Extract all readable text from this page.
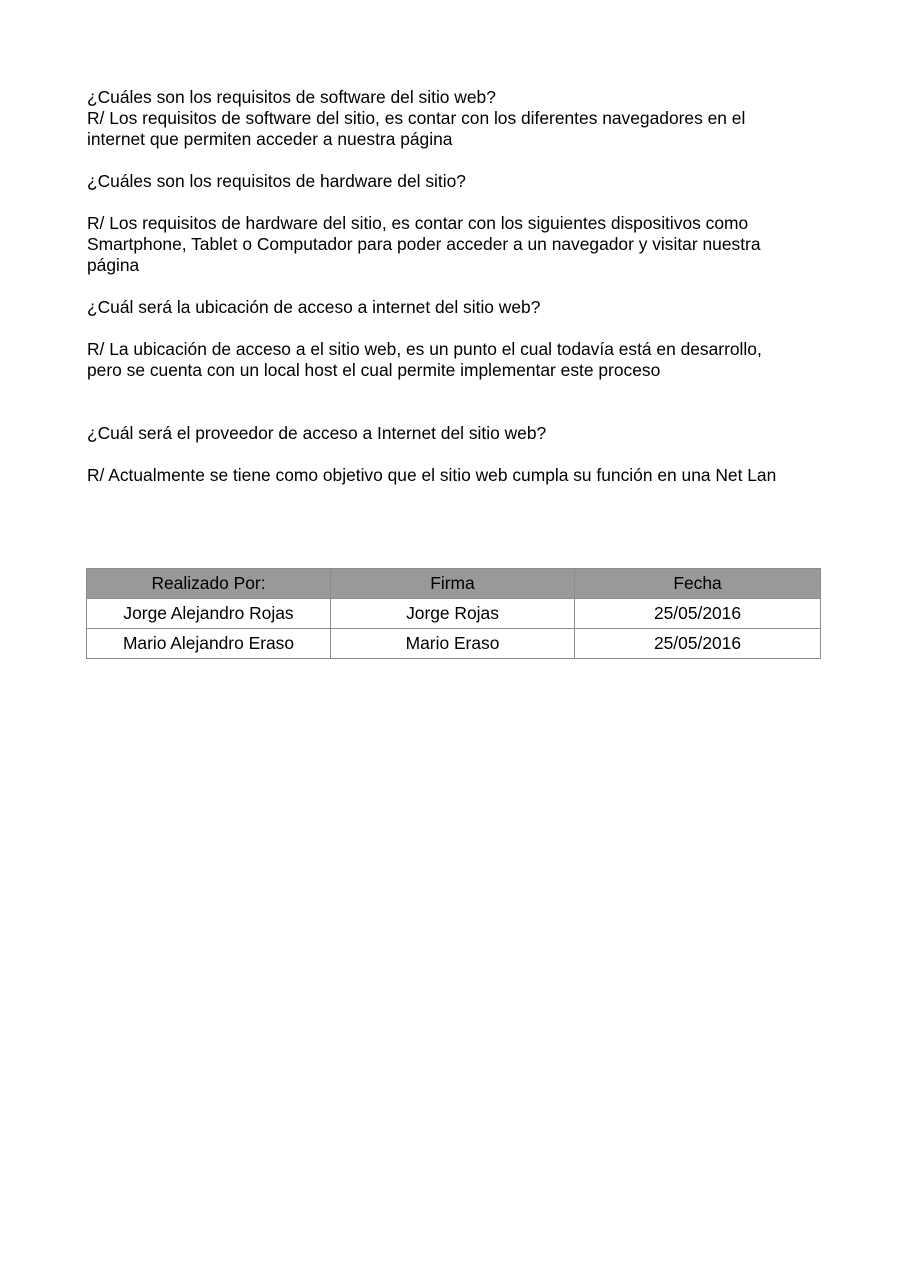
¿Cuáles son los requisitos de software del sitio web?
R/ Los requisitos de software del sitio, es contar con los diferentes navegadores en el
internet que permiten acceder a nuestra página
¿Cuáles son los requisitos de hardware del sitio?
R/ Los requisitos de hardware del sitio, es contar con los siguientes dispositivos como
Smartphone, Tablet o Computador para poder acceder a un navegador y visitar nuestra
página
¿Cuál será la ubicación de acceso a internet del sitio web?
R/ La ubicación de acceso a el sitio web, es un punto el cual todavía está en desarrollo,
pero se cuenta con un local host el cual permite implementar este proceso
¿Cuál será el proveedor de acceso a Internet del sitio web?
R/ Actualmente se tiene como objetivo que el sitio web cumpla su función en una Net Lan
Realizado Por:	Firma	Fecha
Jorge Alejandro Rojas	Jorge Rojas	25/05/2016
Mario Alejandro Eraso	Mario Eraso	25/05/2016
